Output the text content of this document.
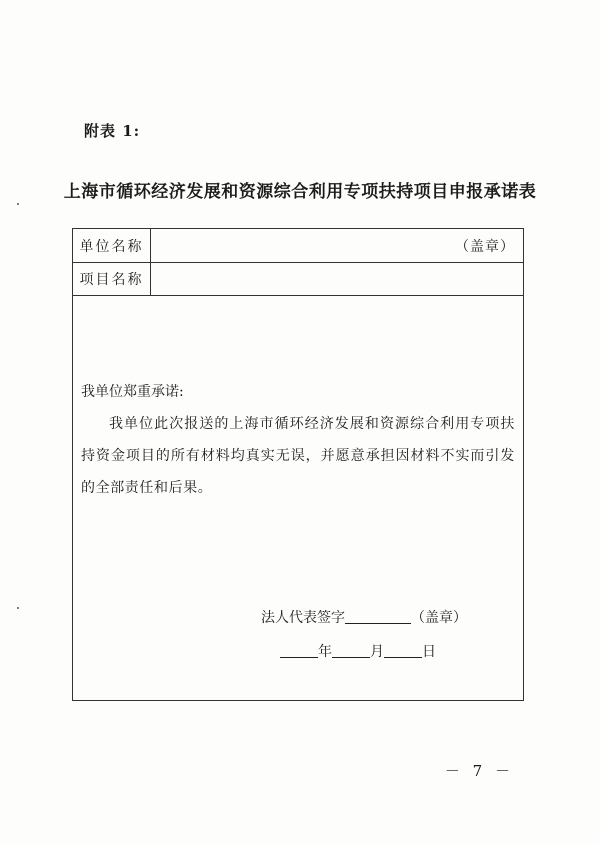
附表 1:
上海市循环经济发展和资源综合利用专项扶持项目申报承诺表
单位名称	（盖章）
项目名称
我单位郑重承诺:
我单位此次报送的上海市循环经济发展和资源综合利用专项扶持资金项目的所有材料均真实无误，并愿意承担因材料不实而引发的全部责任和后果。
法人代表签字	（盖章）
年	月	日
－ 7 －
